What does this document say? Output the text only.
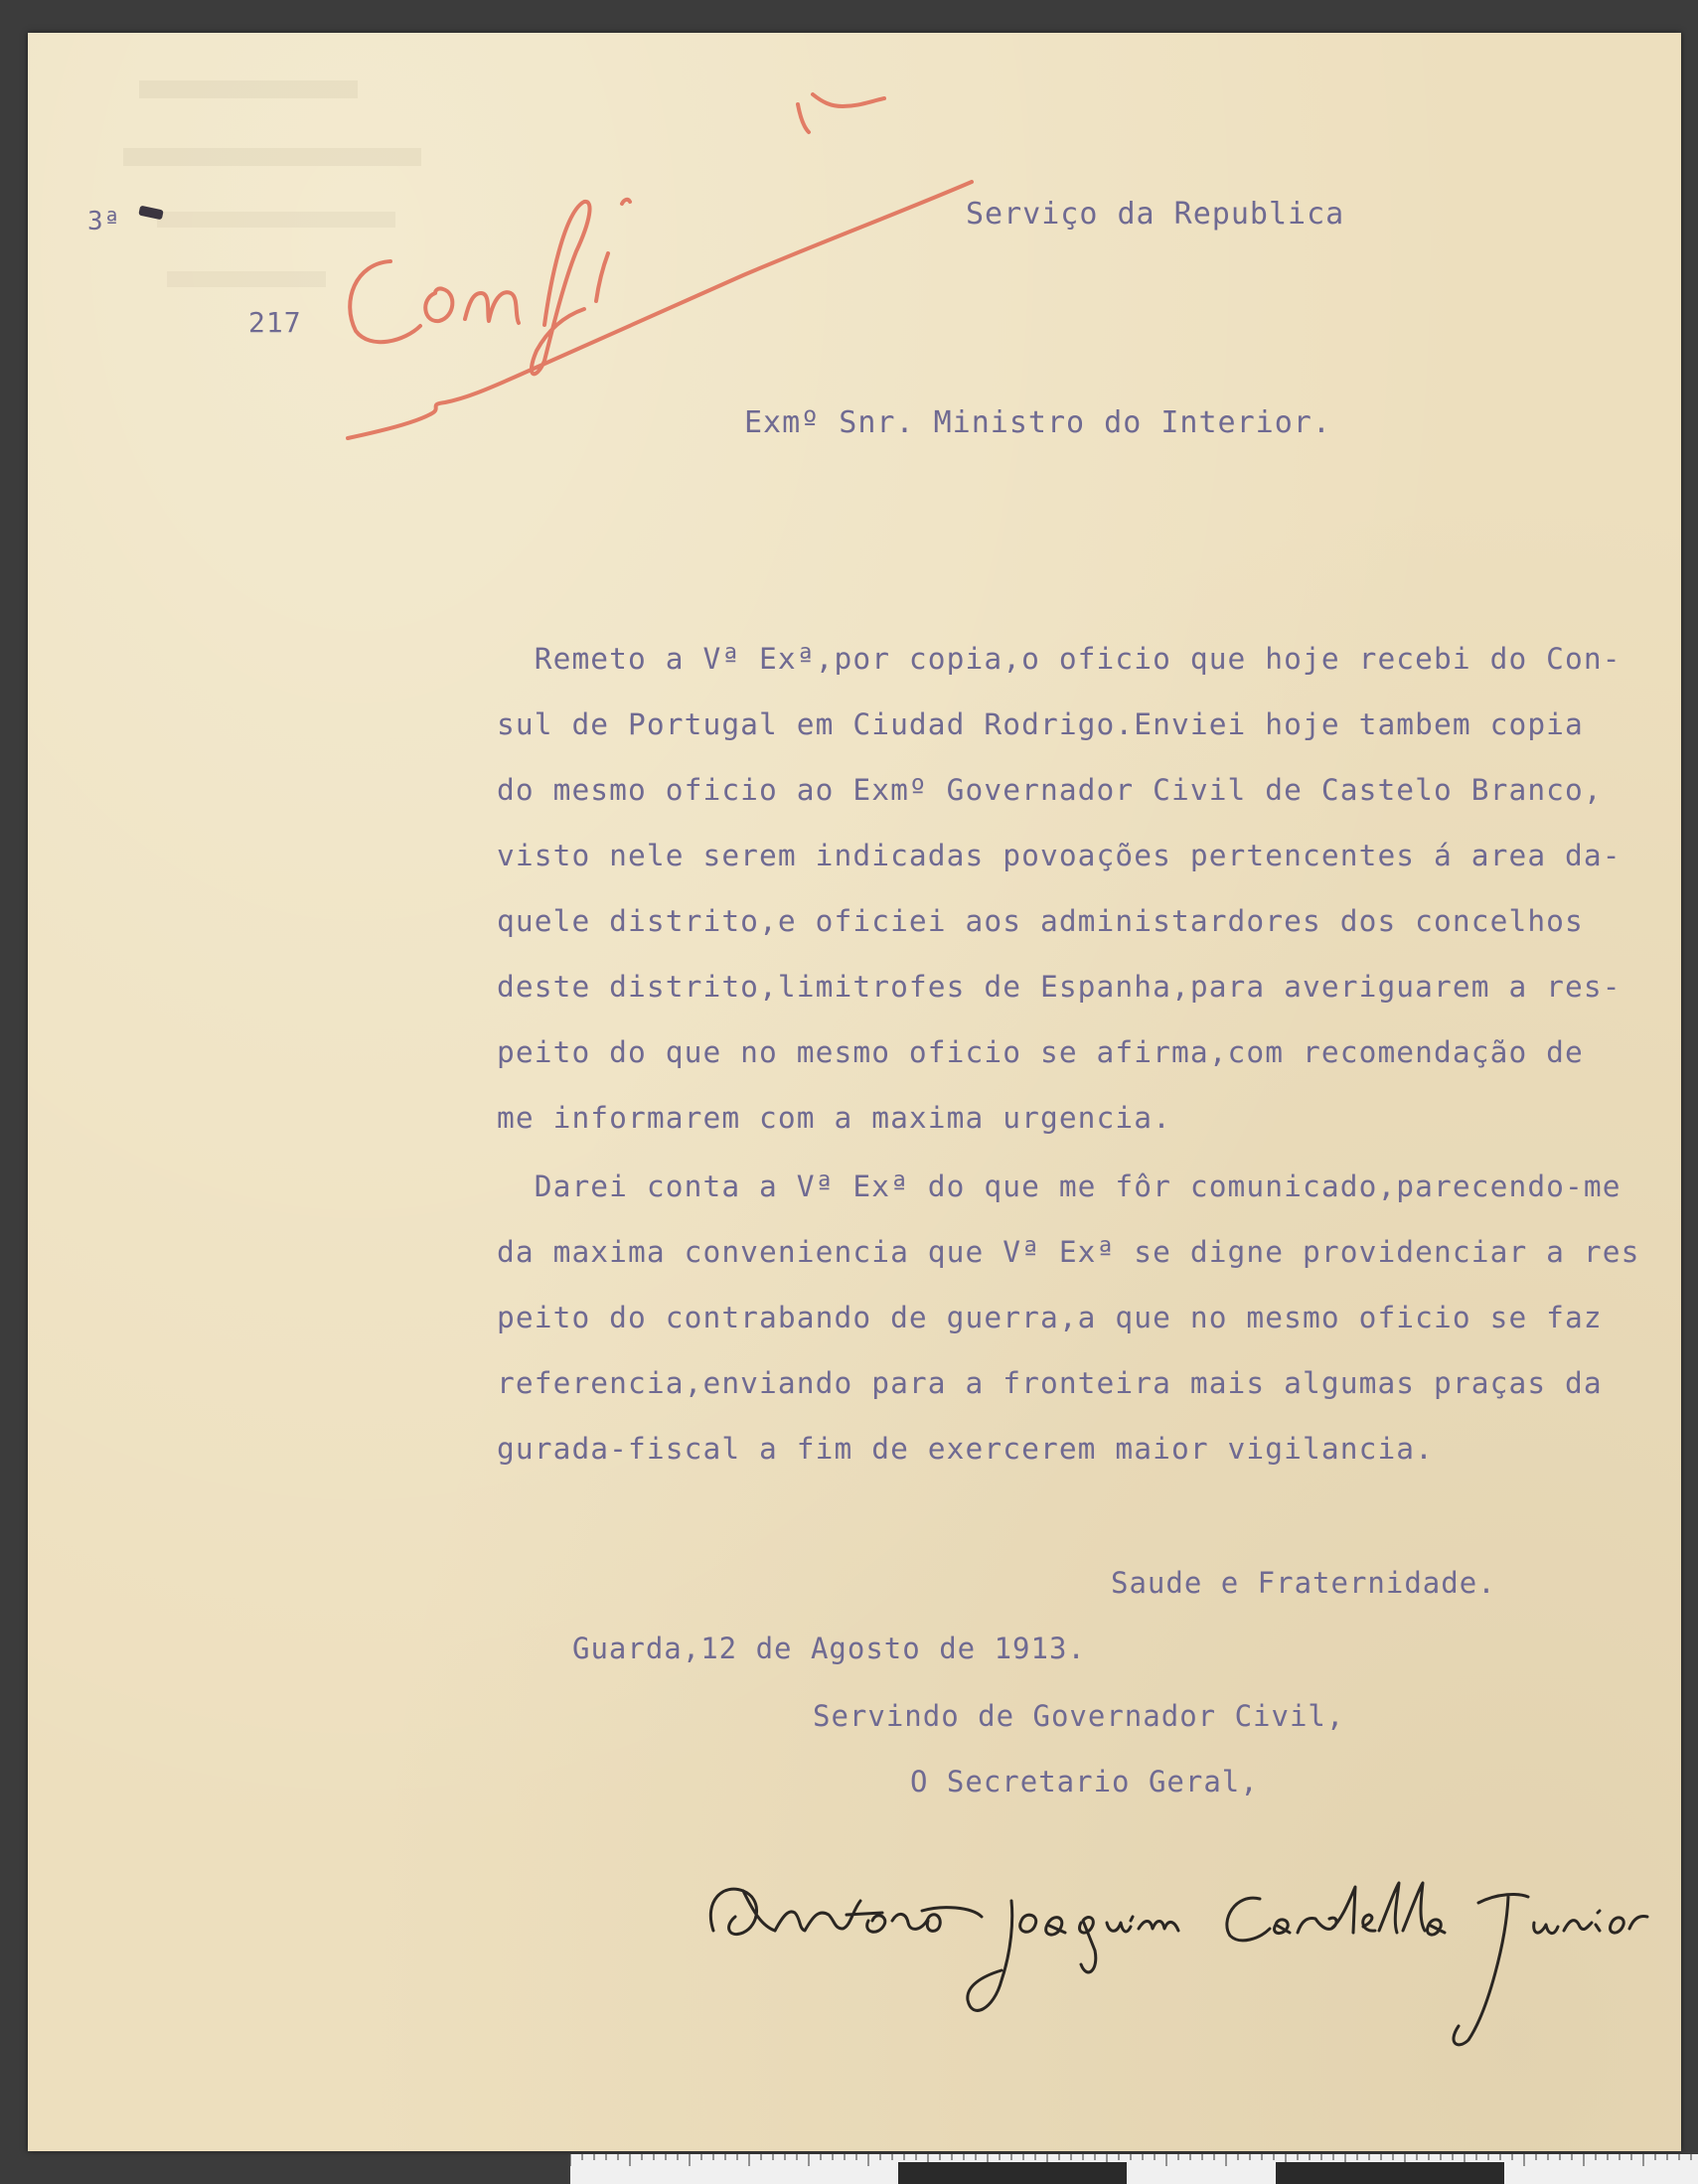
3ª
217
Serviço da Republica
Exmº Snr. Ministro do Interior.
Remeto a Vª Exª,por copia,o oficio que hoje recebi do Con-
sul de Portugal em Ciudad Rodrigo.Enviei hoje tambem copia
do mesmo oficio ao Exmº Governador Civil de Castelo Branco,
visto nele serem indicadas povoações pertencentes á area da-
quele distrito,e oficiei aos administardores dos concelhos
deste distrito,limitrofes de Espanha,para averiguarem a res-
peito do que no mesmo oficio se afirma,com recomendação de
me informarem com a maxima urgencia.
Darei conta a Vª Exª do que me fôr comunicado,parecendo-me
da maxima conveniencia que Vª Exª se digne providenciar a res
peito do contrabando de guerra,a que no mesmo oficio se faz
referencia,enviando para a fronteira mais algumas praças da
gurada-fiscal a fim de exercerem maior vigilancia.
Saude e Fraternidade.
Guarda,12 de Agosto de 1913.
Servindo de Governador Civil,
O Secretario Geral,
